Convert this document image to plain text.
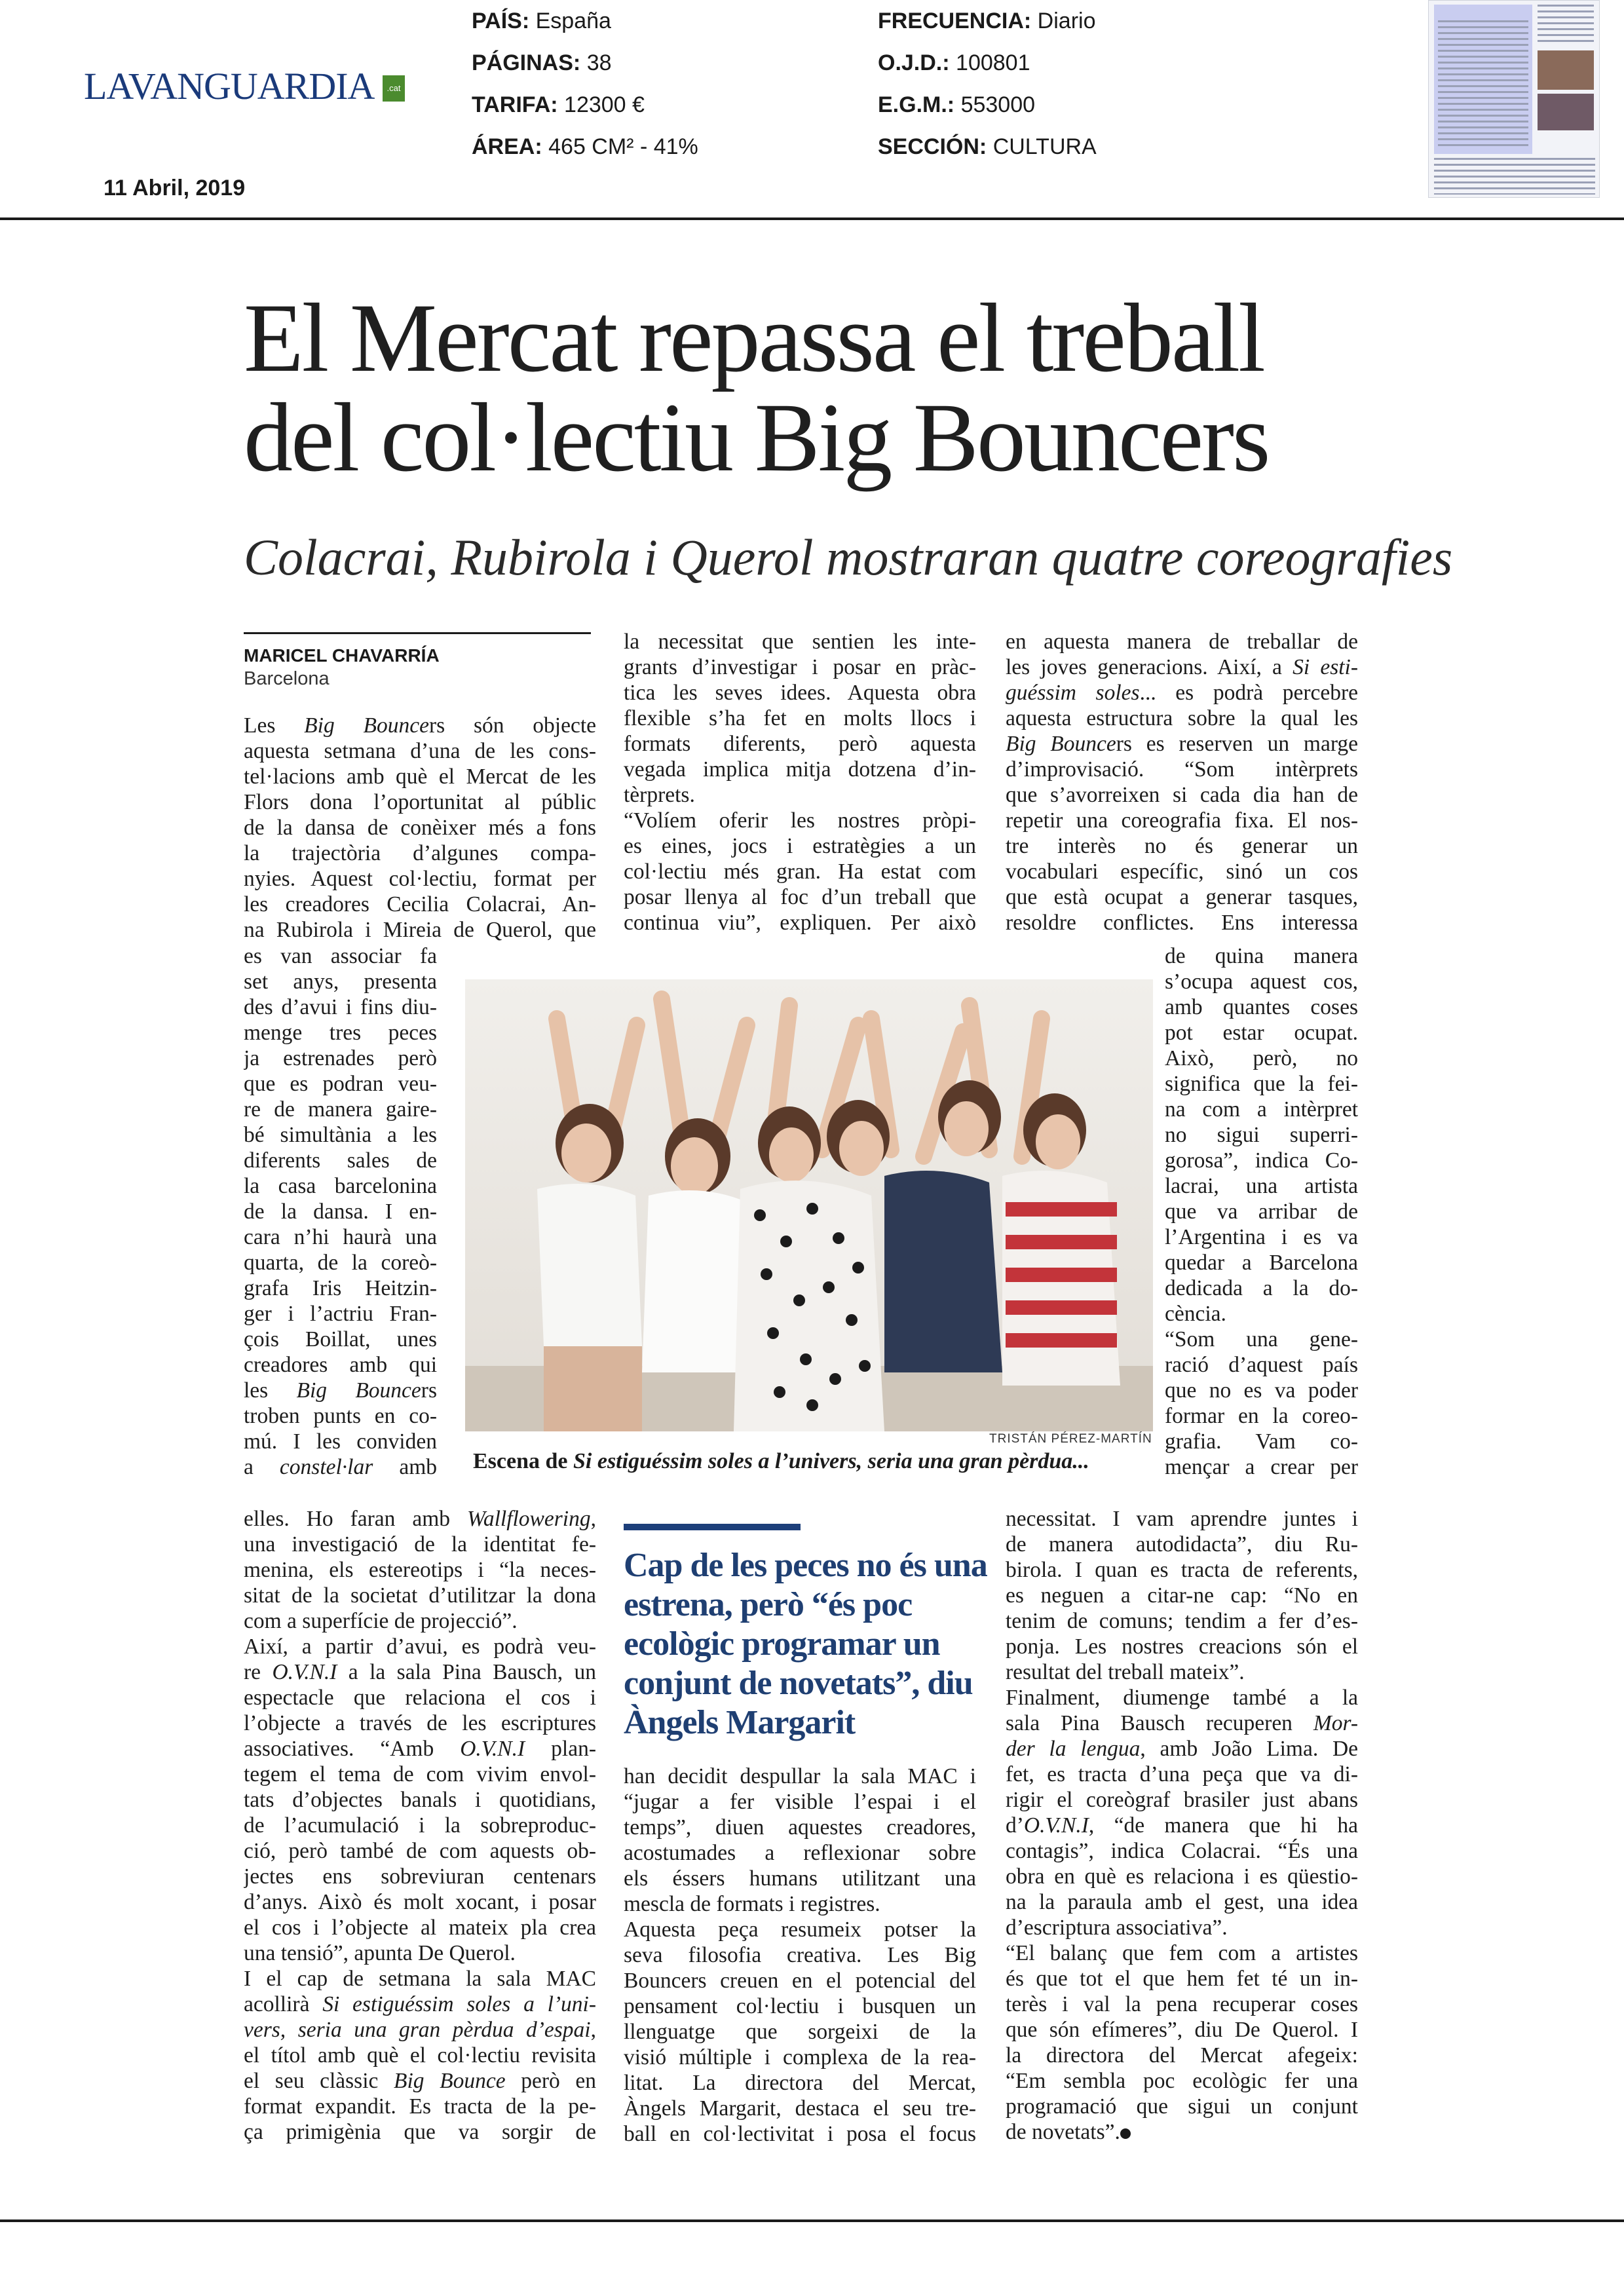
LAVANGUARDIA	.cat
11 Abril, 2019
PAÍS: España
PÁGINAS: 38
TARIFA: 12300 €
ÁREA: 465 CM² - 41%
FRECUENCIA: Diario
O.J.D.: 100801
E.G.M.: 553000
SECCIÓN: CULTURA
El Mercat repassa el treball
del col·lectiu Big Bouncers
Colacrai, Rubirola i Querol mostraran quatre coreografies
MARICEL CHAVARRÍA
Barcelona
Les Big Bouncers són objecte
aquesta setmana d’una de les cons-
tel·lacions amb què el Mercat de les
Flors dona l’oportunitat al públic
de la dansa de conèixer més a fons
la trajectòria d’algunes compa-
nyies. Aquest col·lectiu, format per
les creadores Cecilia Colacrai, An-
na Rubirola i Mireia de Querol, que
es van associar fa
set anys, presenta
des d’avui i fins diu-
menge tres peces
ja estrenades però
que es podran veu-
re de manera gaire-
bé simultània a les
diferents sales de
la casa barcelonina
de la dansa. I en-
cara n’hi haurà una
quarta, de la coreò-
grafa Iris Heitzin-
ger i l’actriu Fran-
çois Boillat, unes
creadores amb qui
les Big Bouncers
troben punts en co-
mú. I les conviden
a constel·lar amb
elles. Ho faran amb Wallflowering,
una investigació de la identitat fe-
menina, els estereotips i “la neces-
sitat de la societat d’utilitzar la dona
com a superfície de projecció”.
Així, a partir d’avui, es podrà veu-
re O.V.N.I a la sala Pina Bausch, un
espectacle que relaciona el cos i
l’objecte a través de les escriptures
associatives. “Amb O.V.N.I plan-
tegem el tema de com vivim envol-
tats d’objectes banals i quotidians,
de l’acumulació i la sobreproduc-
ció, però també de com aquests ob-
jectes ens sobreviuran centenars
d’anys. Això és molt xocant, i posar
el cos i l’objecte al mateix pla crea
una tensió”, apunta De Querol.
I el cap de setmana la sala MAC
acollirà Si estiguéssim soles a l’uni-
vers, seria una gran pèrdua d’espai,
el títol amb què el col·lectiu revisita
el seu clàssic Big Bounce però en
format expandit. Es tracta de la pe-
ça primigènia que va sorgir de
la necessitat que sentien les inte-
grants d’investigar i posar en pràc-
tica les seves idees. Aquesta obra
flexible s’ha fet en molts llocs i
formats diferents, però aquesta
vegada implica mitja dotzena d’in-
tèrprets.
“Volíem oferir les nostres pròpi-
es eines, jocs i estratègies a un
col·lectiu més gran. Ha estat com
posar llenya al foc d’un treball que
continua viu”, expliquen. Per això
han decidit despullar la sala MAC i
“jugar a fer visible l’espai i el
temps”, diuen aquestes creadores,
acostumades a reflexionar sobre
els éssers humans utilitzant una
mescla de formats i registres.
Aquesta peça resumeix potser la
seva filosofia creativa. Les Big
Bouncers creuen en el potencial del
pensament col·lectiu i busquen un
llenguatge que sorgeixi de la
visió múltiple i complexa de la rea-
litat. La directora del Mercat,
Àngels Margarit, destaca el seu tre-
ball en col·lectivitat i posa el focus
en aquesta manera de treballar de
les joves generacions. Així, a Si esti-
guéssim soles... es podrà percebre
aquesta estructura sobre la qual les
Big Bouncers es reserven un marge
d’improvisació. “Som intèrprets
que s’avorreixen si cada dia han de
repetir una coreografia fixa. El nos-
tre interès no és generar un
vocabulari específic, sinó un cos
que està ocupat a generar tasques,
resoldre conflictes. Ens interessa
de quina manera
s’ocupa aquest cos,
amb quantes coses
pot estar ocupat.
Això, però, no
significa que la fei-
na com a intèrpret
no sigui superri-
gorosa”, indica Co-
lacrai, una artista
que va arribar de
l’Argentina i es va
quedar a Barcelona
dedicada a la do-
cència.
“Som una gene-
ració d’aquest país
que no es va poder
formar en la coreo-
grafia. Vam co-
mençar a crear per
necessitat. I vam aprendre juntes i
de manera autodidacta”, diu Ru-
birola. I quan es tracta de referents,
es neguen a citar-ne cap: “No en
tenim de comuns; tendim a fer d’es-
ponja. Les nostres creacions són el
resultat del treball mateix”.
Finalment, diumenge també a la
sala Pina Bausch recuperen Mor-
der la lengua, amb João Lima. De
fet, es tracta d’una peça que va di-
rigir el coreògraf brasiler just abans
d’O.V.N.I, “de manera que hi ha
contagis”, indica Colacrai. “És una
obra en què es relaciona i es qüestio-
na la paraula amb el gest, una idea
d’escriptura associativa”.
“El balanç que fem com a artistes
és que tot el que hem fet té un in-
terès i val la pena recuperar coses
que són efímeres”, diu De Querol. I
la directora del Mercat afegeix:
“Em sembla poc ecològic fer una
programació que sigui un conjunt
de novetats”.
TRISTÁN PÉREZ-MARTÍN
Escena de Si estiguéssim soles a l’univers, seria una gran pèrdua...
Cap de les peces no és una estrena, però “és poc ecològic programar un conjunt de novetats”, diu Àngels Margarit
